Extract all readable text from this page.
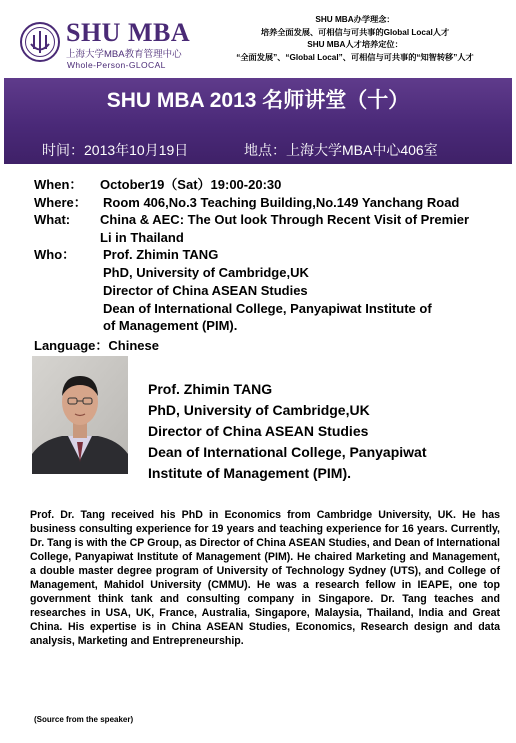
SHU MBA
上海大学MBA教育管理中心
Whole-Person-GLOCAL
SHU MBA办学理念：
培养全面发展、可相信与可共事的Global Local人才
SHU MBA人才培养定位：
“全面发展”、“Global Local”、可相信与可共事的“知智转移”人才
SHU MBA 2013 名师讲堂（十）
时间：2013年10月19日	地点：上海大学MBA中心406室
When： October19（Sat）19:00-20:30
Where： Room 406,No.3 Teaching Building,No.149 Yanchang Road
What: China & AEC: The Out look Through Recent Visit of Premier
Li in Thailand
Who： Prof. Zhimin TANG
PhD, University of Cambridge,UK
Director of China ASEAN Studies
Dean of International College, Panyapiwat Institute of
of Management (PIM).
Language：Chinese
Prof. Zhimin TANG
PhD, University of Cambridge,UK
Director of China ASEAN Studies
Dean of International College, Panyapiwat
Institute of Management (PIM).
Prof. Dr. Tang received his PhD in Economics from Cambridge University, UK. He has business consulting experience for 19 years and teaching experience for 16 years. Currently, Dr. Tang is with the CP Group, as Director of China ASEAN Studies, and Dean of International College, Panyapiwat Institute of Management (PIM). He chaired Marketing and Management, a double master degree program of University of Technology Sydney (UTS), and College of Management, Mahidol University (CMMU). He was a research fellow in IEAPE, one top government think tank and consulting company in Singapore. Dr. Tang teaches and researches in USA, UK, France, Australia, Singapore, Malaysia, Thailand, India and Great China. His expertise is in China ASEAN Studies, Economics, Research design and data analysis, Marketing and Entrepreneurship.
(Source from the speaker)
